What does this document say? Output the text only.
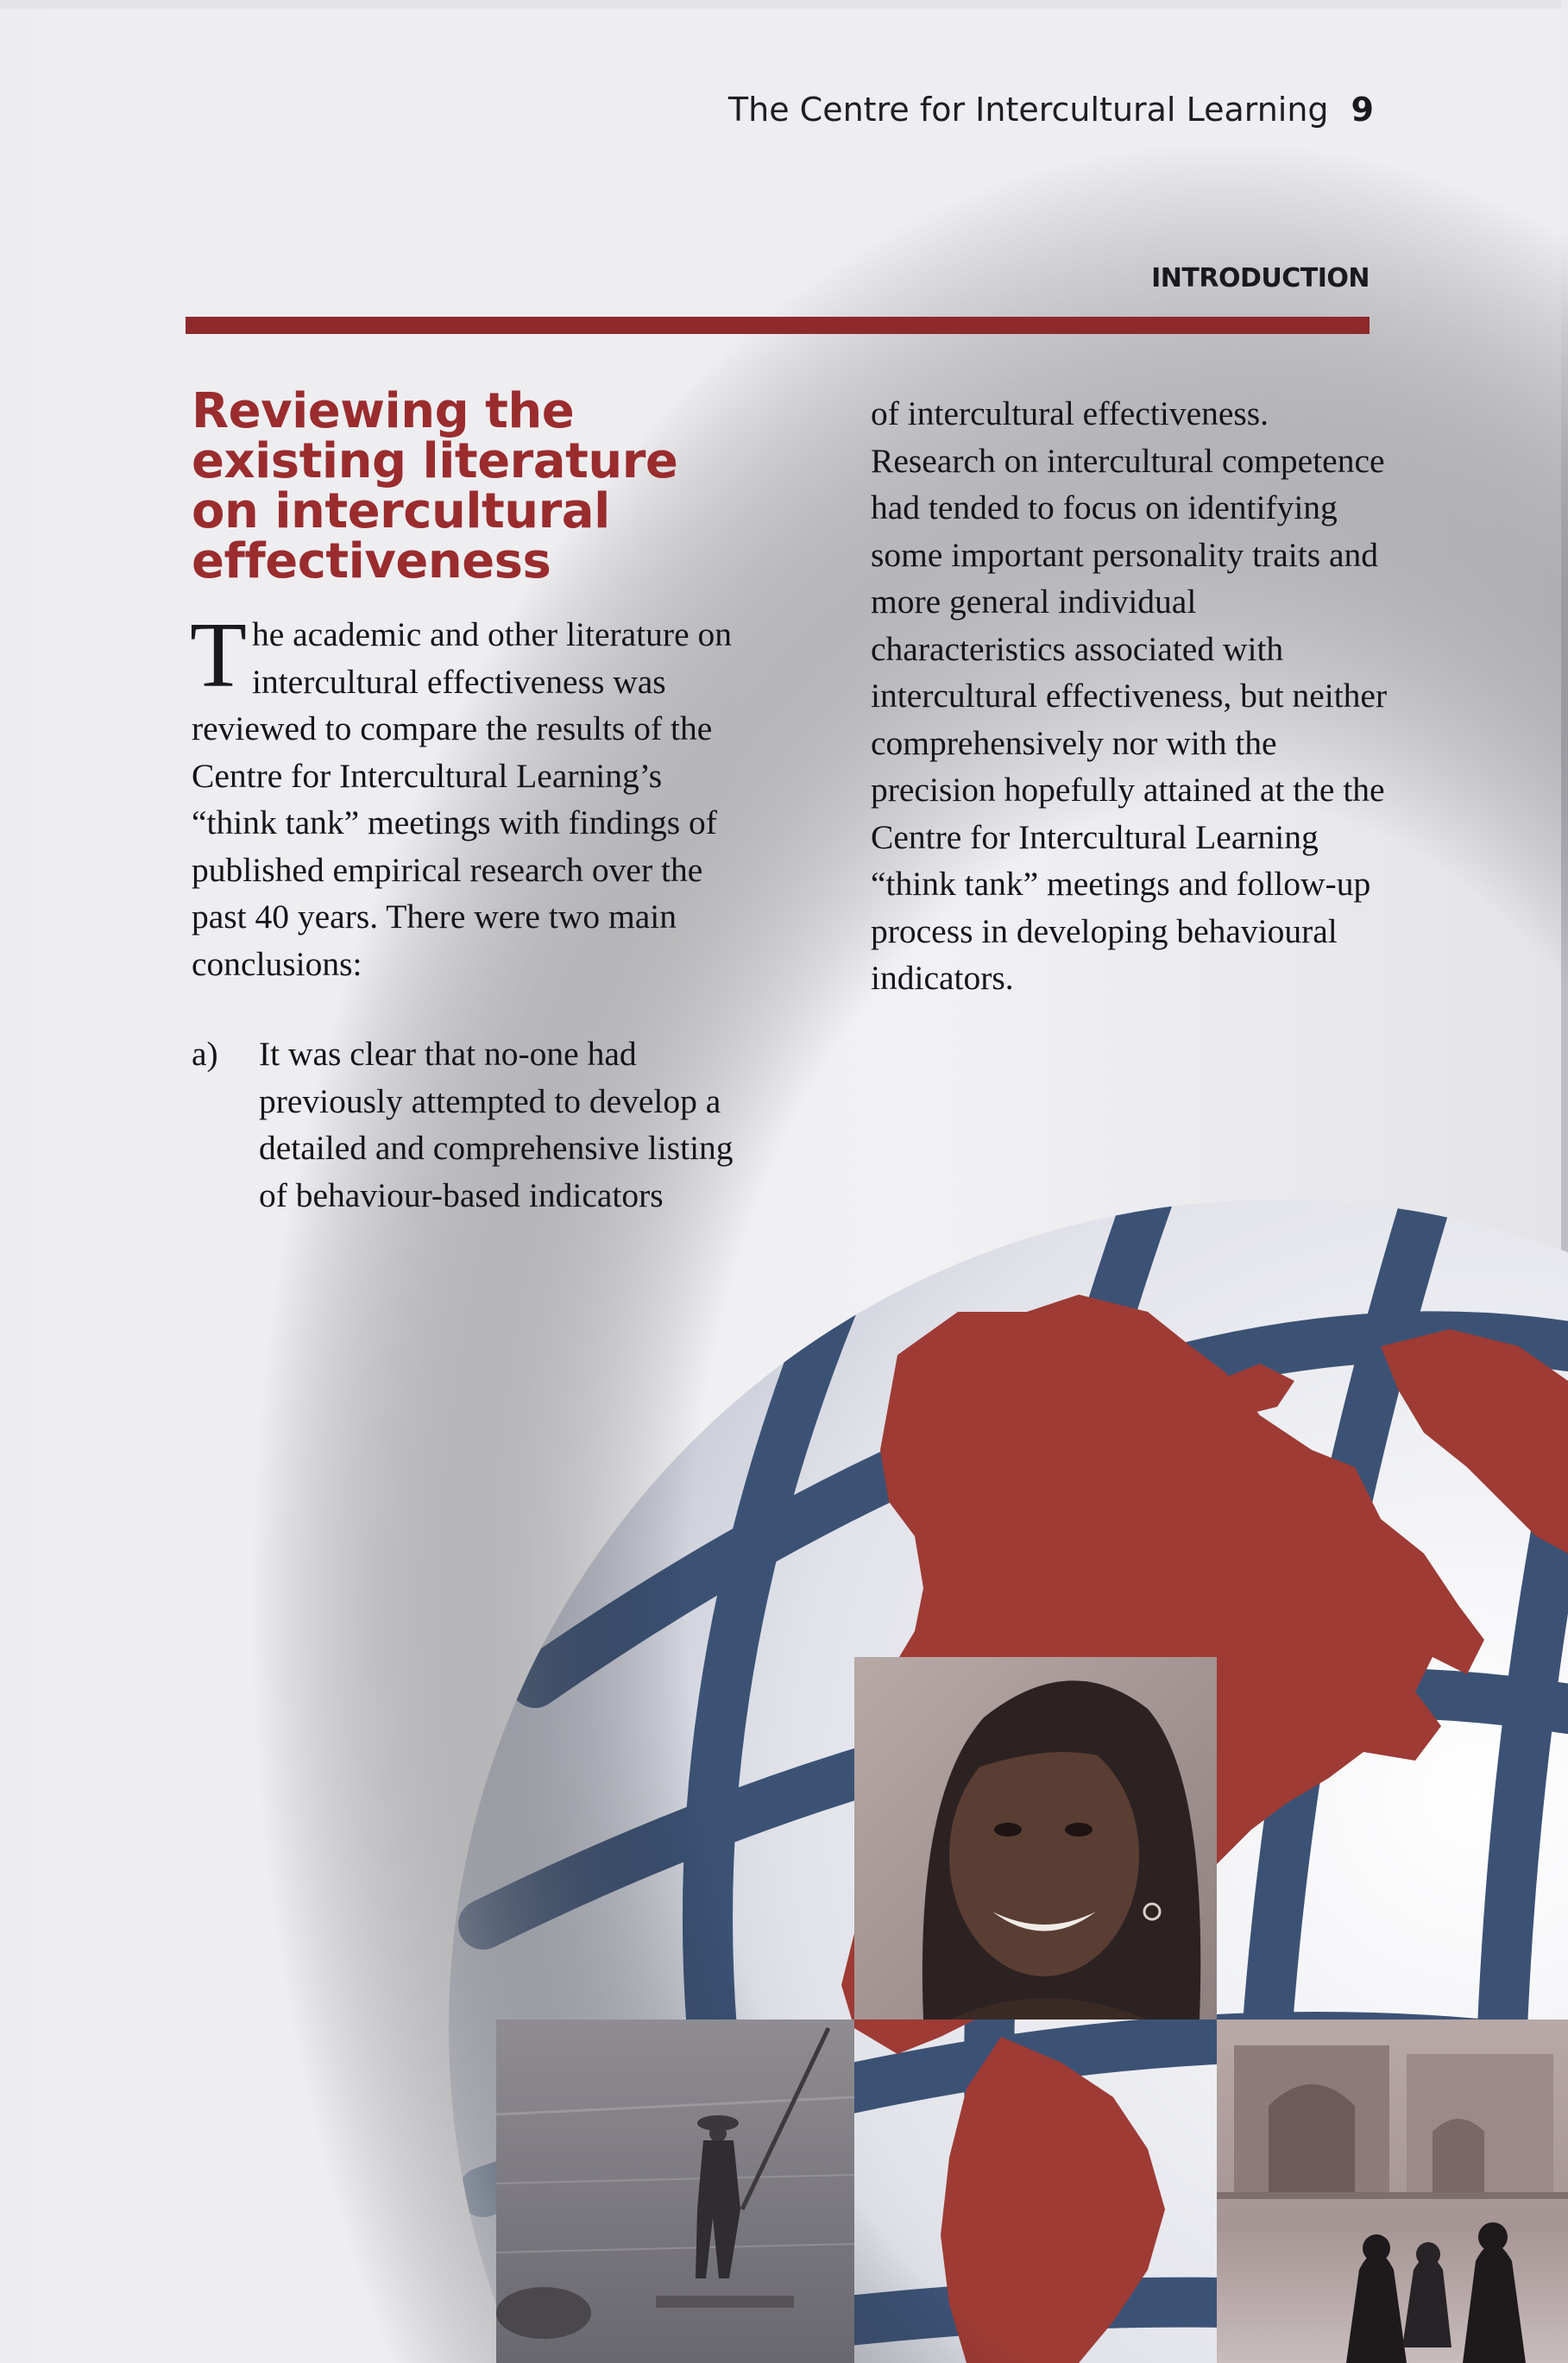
The Centre for Intercultural Learning 9
INTRODUCTION
Reviewing the existing literature on intercultural effectiveness

The academic and other literature on intercultural effectiveness was reviewed to compare the results of the Centre for Intercultural Learning’s “think tank” meetings with findings of published empirical research over the past 40 years. There were two main conclusions:

a)	It was clear that no-one had previously attempted to develop a detailed and comprehensive listing of behaviour-based indicators

of intercultural effectiveness. Research on intercultural competence had tended to focus on identifying some important personality traits and more general individual characteristics associated with intercultural effectiveness, but neither comprehensively nor with the precision hopefully attained at the the Centre for Intercultural Learning “think tank” meetings and follow-up process in developing behavioural indicators.
